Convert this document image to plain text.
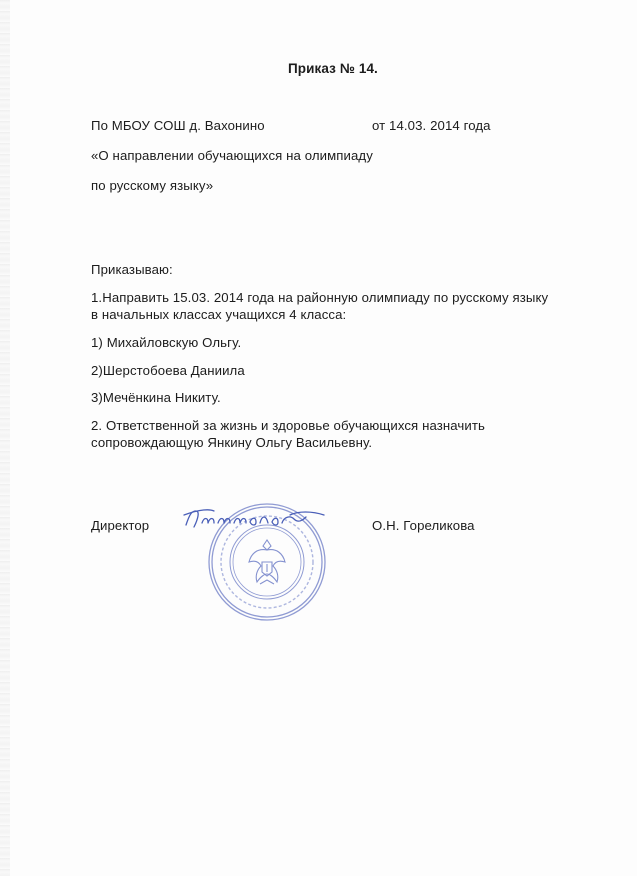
Приказ № 14.
По МБОУ СОШ д. Вахонино	от 14.03. 2014 года
«О направлении обучающихся на олимпиаду
по русскому языку»
Приказываю:
1.Направить 15.03. 2014 года на районную олимпиаду по русскому языку
в начальных классах учащихся 4 класса:
1) Михайловскую Ольгу.
2)Шерстобоева Даниила
3)Мечёнкина Никиту.
2. Ответственной за жизнь и здоровье обучающихся назначить
сопровождающую Янкину Ольгу Васильевну.
Директор	О.Н. Гореликова
